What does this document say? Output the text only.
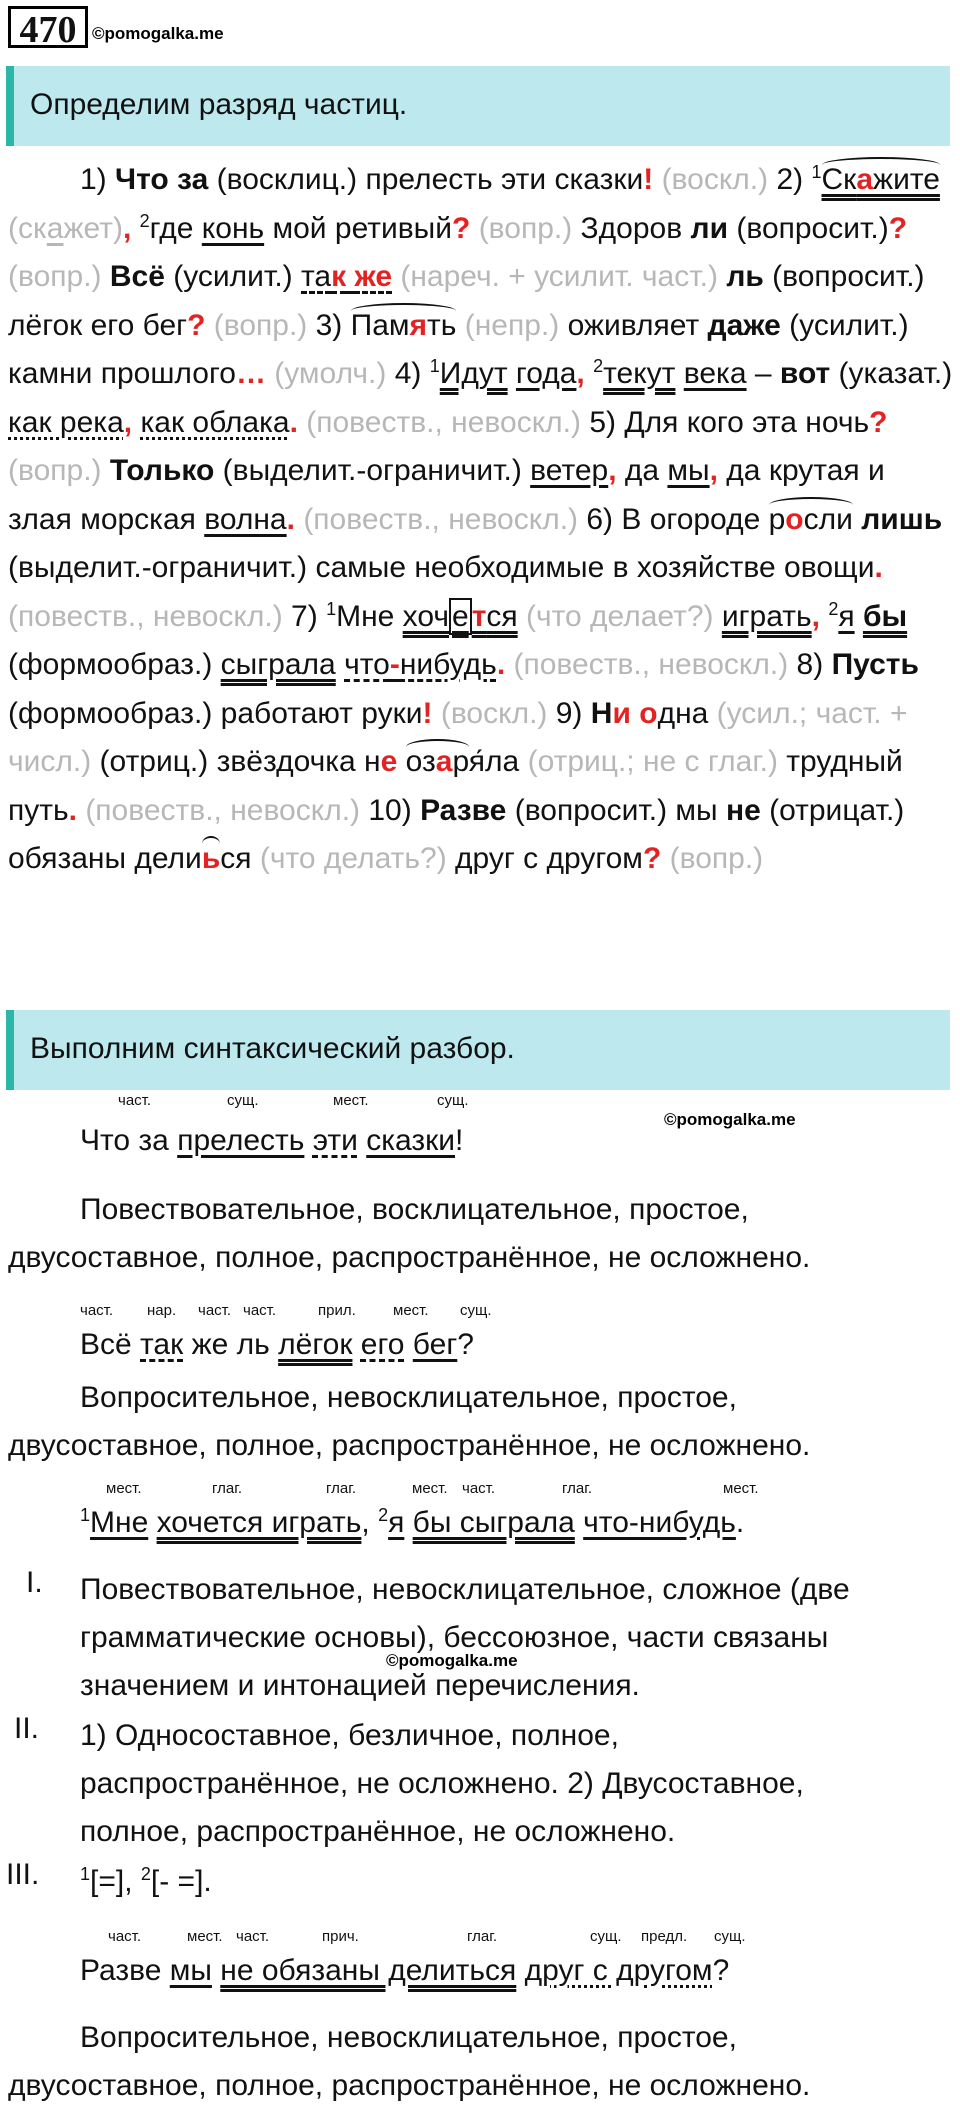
470 ©pomogalka.me
Определим разряд частиц.

1) Что за (восклиц.) прелесть эти сказки! (воскл.) 2) $^1$Скажите (скажет), $^2$где конь мой ретивый? (вопр.) Здоров ли (вопросит.)? (вопр.) Всё (усилит.) так же (нареч. + усилит. част.) ль (вопросит.) лёгок его бег? (вопр.) 3) Память (непр.) оживляет даже (усилит.) камни прошлого… (умолч.) 4) $^1$Идут года, $^2$текут века – вот (указат.) как река, как облака. (повеств., невоскл.) 5) Для кого эта ночь? (вопр.) Только (выделит.-ограничит.) ветер, да мы, да крутая и злая морская волна. (повеств., невоскл.) 6) В огороде росли лишь (выделит.-ограничит.) самые необходимые в хозяйстве овощи. (повеств., невоскл.) 7) $^1$Мне хоч е тся (что делает?) играть, $^2$я бы (формообраз.) сыграла что-нибудь. (повеств., невоскл.) 8) Пусть (формообраз.) работают руки! (воскл.) 9) Ни одна (усил.; част. + числ.) (отриц.) звёздочка не озаря́ла (отриц.; не с глаг.) трудный путь. (повеств., невоскл.) 10) Разве (вопросит.) мы не (отрицат.) обязаны делиься (что делать?) друг с другом? (вопр.)

Выполним синтаксический разбор.
част.	сущ.	мест.	сущ.
©pomogalka.me
Что за прелесть эти сказки!
Повествовательное, восклицательное, простое,
двусоставное, полное, распространённое, не осложнено.
част. нар. част. част.	прил. мест. сущ.
Всё так же ль лёгок его бег?
Вопросительное, невосклицательное, простое,
двусоставное, полное, распространённое, не осложнено.
мест.	глаг.	глаг.	мест. част.	глаг.	мест.
$^1$Мне хочется играть, $^2$я бы сыграла что-нибудь.
I. Повествовательное, невосклицательное, сложное (две
грамматические основы), бессоюзное, части связаны
значением и интонацией перечисления.
©pomogalka.me
II. 1) Односоставное, безличное, полное,
распространённое, не осложнено. 2) Двусоставное,
полное, распространённое, не осложнено.
III. $^1$[=], $^2$[- =].
част.	мест. част.	прич.	глаг.	сущ. предл. сущ.
Разве мы не обязаны делиться друг с другом?
Вопросительное, невосклицательное, простое,
двусоставное, полное, распространённое, не осложнено.
